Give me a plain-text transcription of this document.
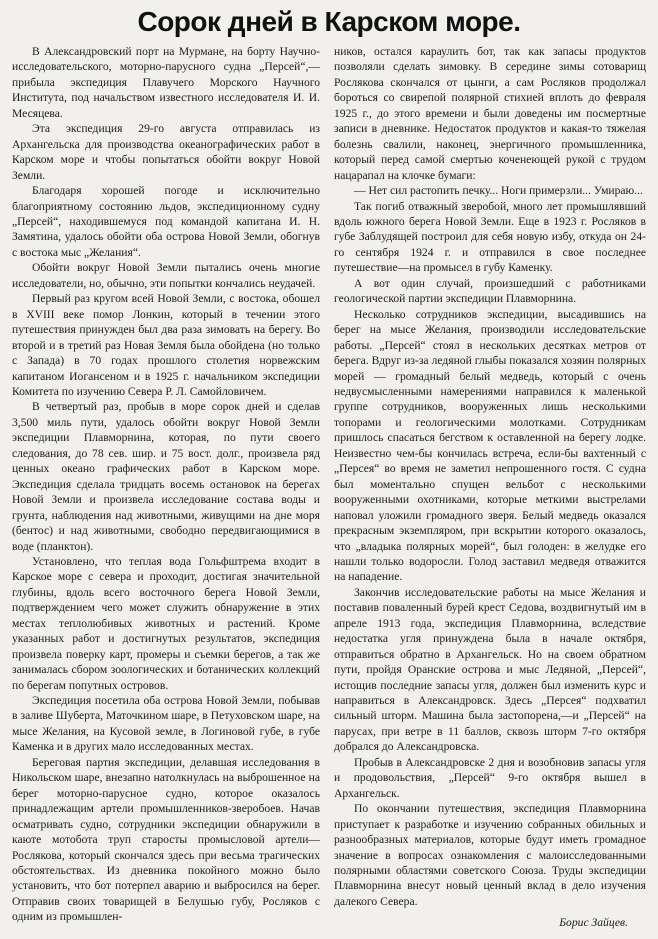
Сорок дней в Карском море.

В Александровский порт на Мурмане, на борту Научно-исследовательского, моторно-парусного судна „Персей“,—прибыла экспедиция Плавучего Морского Научного Института, под начальством известного исследователя И. И. Месяцева.

Эта экспедиция 29-го августа отправилась из Архангельска для производства океанографических работ в Карском море и чтобы попытаться обойти вокруг Новой Земли.

Благодаря хорошей погоде и исключительно благоприятному состоянию льдов, экспедиционному судну „Персей“, находившемуся под командой капитана И. Н. Замятина, удалось обойти оба острова Новой Земли, обогнув с востока мыс „Желания“.

Обойти вокруг Новой Земли пытались очень многие исследователи, но, обычно, эти попытки кончались неудачей.

Первый раз кругом всей Новой Земли, с востока, обошел в XVIII веке помор Лонкин, который в течении этого путешествия принужден был два раза зимовать на берегу. Во второй и в третий раз Новая Земля была обойдена (но только с Запада) в 70 годах прошлого столетия норвежским капитаном Иогансеном и в 1925 г. начальником экспедиции Комитета по изучению Севера Р. Л. Самойловичем.

В четвертый раз, пробыв в море сорок дней и сделав 3,500 миль пути, удалось обойти вокруг Новой Земли экспедиции Плавморнина, которая, по пути своего следования, до 78 сев. шир. и 75 вост. долг., произвела ряд ценных океано графических работ в Карском море. Экспедиция сделала тридцать восемь остановок на берегах Новой Земли и произвела исследование состава воды и грунта, наблюдения над животными, живущими на дне моря (бентос) и над животными, свободно передвигающимися в воде (планктон).

Установлено, что теплая вода Гольфштрема входит в Карское море с севера и проходит, достигая значительной глубины, вдоль всего восточного берега Новой Земли, подтверждением чего может служить обнаружение в этих местах теплолюбивых животных и растений. Кроме указанных работ и достигнутых результатов, экспедиция произвела поверку карт, промеры и съемки берегов, а так же занималась сбором зоологических и ботанических коллекций по берегам попутных островов.

Экспедиция посетила оба острова Новой Земли, побывав в заливе Шуберта, Маточкином шаре, в Петуховском шаре, на мысе Желания, на Кусовой земле, в Логиновой губе, в губе Каменка и в других мало исследованных местах.

Береговая партия экспедиции, делавшая исследования в Никольском шаре, внезапно натолкнулась на выброшенное на берег моторно-парусное судно, которое оказалось принадлежащим артели промышленников-зверобоев. Начав осматривать судно, сотрудники экспедиции обнаружили в каюте мотобота труп старосты промысловой артели—Рослякова, который скончался здесь при весьма трагических обстоятельствах. Из дневника покойного можно было установить, что бот потерпел аварию и выбросился на берег. Отправив своих товарищей в Белушью губу, Росляков с одним из промышлен-

ников, остался караулить бот, так как запасы продуктов позволяли сделать зимовку. В середине зимы сотоварищ Рослякова скончался от цынги, а сам Росляков продолжал бороться со свирепой полярной стихией вплоть до февраля 1925 г., до этого времени и были доведены им посмертные записи в дневнике. Недостаток продуктов и какая-то тяжелая болезнь свалили, наконец, энергичного промышленника, который перед самой смертью коченеющей рукой с трудом нацарапал на клочке бумаги:

— Нет сил растопить печку... Ноги примерзли... Умираю...

Так погиб отважный зверобой, много лет промышлявший вдоль южного берега Новой Земли. Еще в 1923 г. Росляков в губе Заблудящей построил для себя новую избу, откуда он 24-го сентября 1924 г. и отправился в свое последнее путешествие—на промысел в губу Каменку.

А вот один случай, произшедший с работниками геологической партии экспедиции Плавморнина.

Несколько сотрудников экспедиции, высадившись на берег на мысе Желания, производили исследовательские работы. „Персей“ стоял в нескольких десятках метров от берега. Вдруг из-за ледяной глыбы показался хозяин полярных морей — громадный белый медведь, который с очень недвусмысленными намерениями направился к маленькой группе сотрудников, вооруженных лишь несколькими топорами и геологическими молотками. Сотрудникам пришлось спасаться бегством к оставленной на берегу лодке. Неизвестно чем-бы кончилась встреча, если-бы вахтенный с „Персея“ во время не заметил непрошенного гостя. С судна был моментально спущен вельбот с несколькими вооруженными охотниками, которые меткими выстрелами наповал уложили громадного зверя. Белый медведь оказался прекрасным экземпляром, при вскрытии которого оказалось, что „владыка полярных морей“, был голоден: в желудке его нашли только водоросли. Голод заставил медведя отважится на нападение.

Закончив исследовательские работы на мысе Желания и поставив поваленный бурей крест Седова, воздвигнутый им в апреле 1913 года, экспедиция Плавморнина, вследствие недостатка угля принуждена была в начале октября, отправиться обратно в Архангельск. Но на своем обратном пути, пройдя Оранские острова и мыс Ледяной, „Персей“, истощив последние запасы угля, должен был изменить курс и направиться в Александровск. Здесь „Персея“ подхватил сильный шторм. Машина была застопорена,—и „Персей“ на парусах, при ветре в 11 баллов, сквозь шторм 7-го октября добрался до Александровска.

Пробыв в Александровске 2 дня и возобновив запасы угля и продовольствия, „Персей“ 9-го октября вышел в Архангельск.

По окончании путешествия, экспедиция Плавморнина приступает к разработке и изучению собранных обильных и разнообразных материалов, которые будут иметь громадное значение в вопросах ознакомления с малоисследованными полярными областями советского Союза. Труды экспедиции Плавморнина внесут новый ценный вклад в дело изучения далекого Севера.

Борис Зайцев.
